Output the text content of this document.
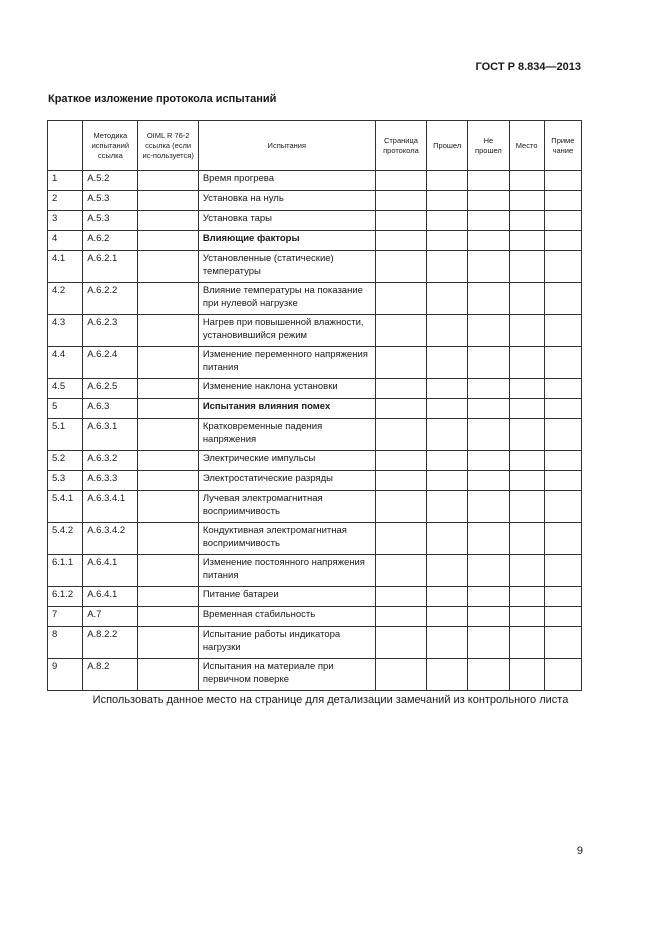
ГОСТ Р 8.834—2013
Краткое изложение протокола испытаний
	Методика испытаний ссылка	OIML R 76-2 ссылка (если ис-пользуется)	Испытания	Страница протокола	Прошел	Не прошел	Место	Приме чание
1	A.5.2		Время прогрева					
2	A.5.3		Установка на нуль					
3	A.5.3		Установка тары					
4	A.6.2		Влияющие факторы					
4.1	A.6.2.1		Установленные (статические) температуры					
4.2	A.6.2.2		Влияние температуры на показание при нулевой нагрузке					
4.3	A.6.2.3		Нагрев при повышенной влажности, установившийся режим					
4.4	A.6.2.4		Изменение переменного напряжения питания					
4.5	A.6.2.5		Изменение наклона установки					
5	A.6.3		Испытания влияния помех					
5.1	A.6.3.1		Кратковременные падения напряжения					
5.2	A.6.3.2		Электрические импульсы					
5.3	A.6.3.3		Электростатические разряды					
5.4.1	A.6.3.4.1		Лучевая электромагнитная восприимчивость					
5.4.2	A.6.3.4.2		Кондуктивная электромагнитная восприимчивость					
6.1.1	A.6.4.1		Изменение постоянного напряжения питания					
6.1.2	A.6.4.1		Питание батареи					
7	A.7		Временная стабильность					
8	A.8.2.2		Испытание работы индикатора нагрузки					
9	A.8.2		Испытания на материале при первичном поверке					
Использовать данное место на странице для детализации замечаний из контрольного листа
9
